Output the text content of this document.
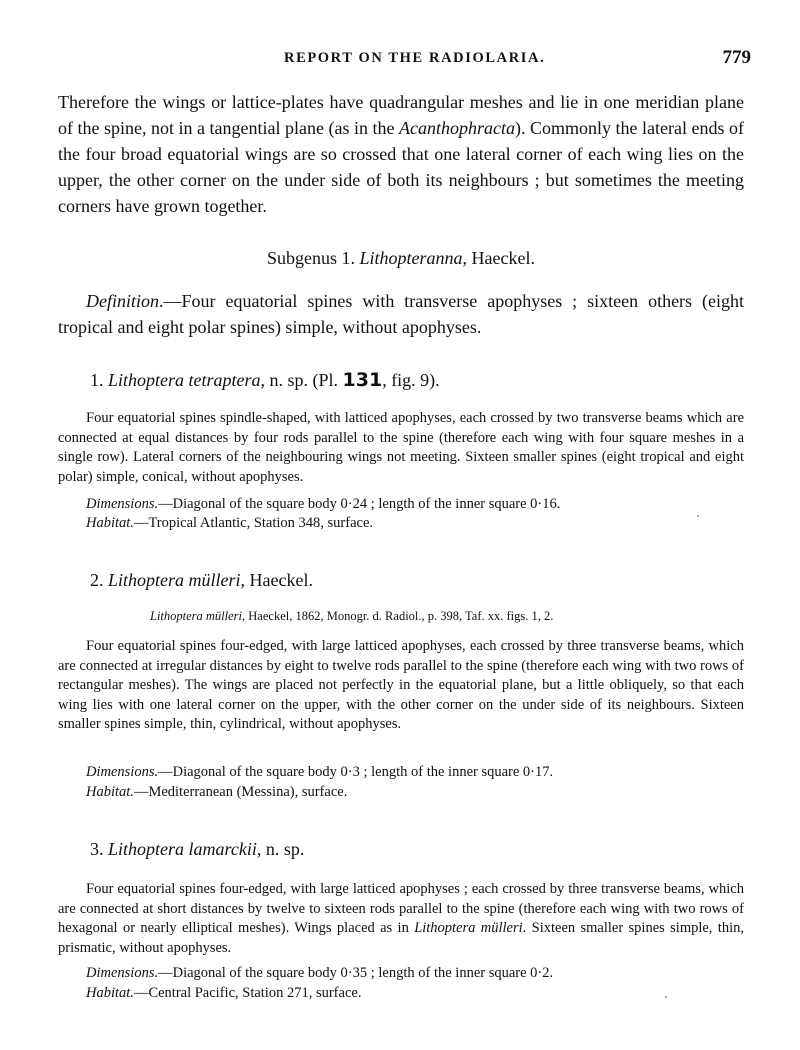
REPORT ON THE RADIOLARIA.	779
Therefore the wings or lattice-plates have quadrangular meshes and lie in one meridian plane of the spine, not in a tangential plane (as in the Acanthophracta). Commonly the lateral ends of the four broad equatorial wings are so crossed that one lateral corner of each wing lies on the upper, the other corner on the under side of both its neighbours ; but sometimes the meeting corners have grown together.
Subgenus 1. Lithopteranna, Haeckel.
Definition.—Four equatorial spines with transverse apophyses ; sixteen others (eight tropical and eight polar spines) simple, without apophyses.
1. Lithoptera tetraptera, n. sp. (Pl. 131, fig. 9).
Four equatorial spines spindle-shaped, with latticed apophyses, each crossed by two transverse beams which are connected at equal distances by four rods parallel to the spine (therefore each wing with four square meshes in a single row). Lateral corners of the neighbouring wings not meeting. Sixteen smaller spines (eight tropical and eight polar) simple, conical, without apophyses.
Dimensions.—Diagonal of the square body 0·24 ; length of the inner square 0·16.
Habitat.—Tropical Atlantic, Station 348, surface.
2. Lithoptera mülleri, Haeckel.
Lithoptera mülleri, Haeckel, 1862, Monogr. d. Radiol., p. 398, Taf. xx. figs. 1, 2.
Four equatorial spines four-edged, with large latticed apophyses, each crossed by three transverse beams, which are connected at irregular distances by eight to twelve rods parallel to the spine (therefore each wing with two rows of rectangular meshes). The wings are placed not perfectly in the equatorial plane, but a little obliquely, so that each wing lies with one lateral corner on the upper, with the other corner on the under side of its neighbours. Sixteen smaller spines simple, thin, cylindrical, without apophyses.
Dimensions.—Diagonal of the square body 0·3 ; length of the inner square 0·17.
Habitat.—Mediterranean (Messina), surface.
3. Lithoptera lamarckii, n. sp.
Four equatorial spines four-edged, with large latticed apophyses ; each crossed by three transverse beams, which are connected at short distances by twelve to sixteen rods parallel to the spine (therefore each wing with two rows of hexagonal or nearly elliptical meshes). Wings placed as in Lithoptera mülleri. Sixteen smaller spines simple, thin, prismatic, without apophyses.
Dimensions.—Diagonal of the square body 0·35 ; length of the inner square 0·2.
Habitat.—Central Pacific, Station 271, surface.
